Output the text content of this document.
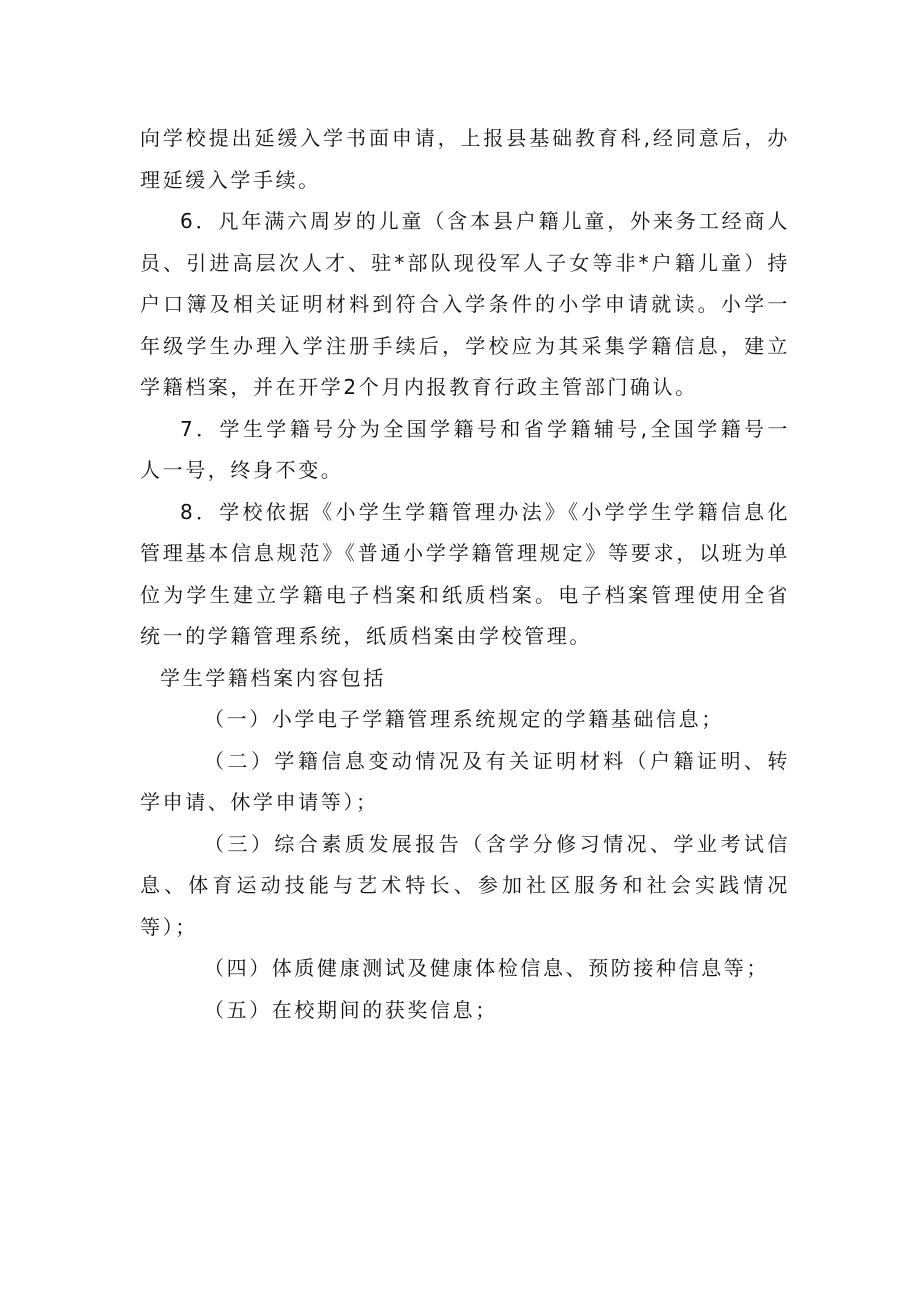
向学校提出延缓入学书面申请，上报县基础教育科,经同意后，办理延缓入学手续。

6．凡年满六周岁的儿童（含本县户籍儿童，外来务工经商人员、引进高层次人才、驻*部队现役军人子女等非*户籍儿童）持户口簿及相关证明材料到符合入学条件的小学申请就读。小学一年级学生办理入学注册手续后，学校应为其采集学籍信息，建立学籍档案，并在开学2个月内报教育行政主管部门确认。

7．学生学籍号分为全国学籍号和省学籍辅号,全国学籍号一人一号，终身不变。

8．学校依据《小学生学籍管理办法》《小学学生学籍信息化管理基本信息规范》《普通小学学籍管理规定》等要求，以班为单位为学生建立学籍电子档案和纸质档案。电子档案管理使用全省统一的学籍管理系统，纸质档案由学校管理。

学生学籍档案内容包括

（一）小学电子学籍管理系统规定的学籍基础信息；

（二）学籍信息变动情况及有关证明材料（户籍证明、转学申请、休学申请等）；

（三）综合素质发展报告（含学分修习情况、学业考试信息、体育运动技能与艺术特长、参加社区服务和社会实践情况等）；

（四）体质健康测试及健康体检信息、预防接种信息等；

（五）在校期间的获奖信息；
